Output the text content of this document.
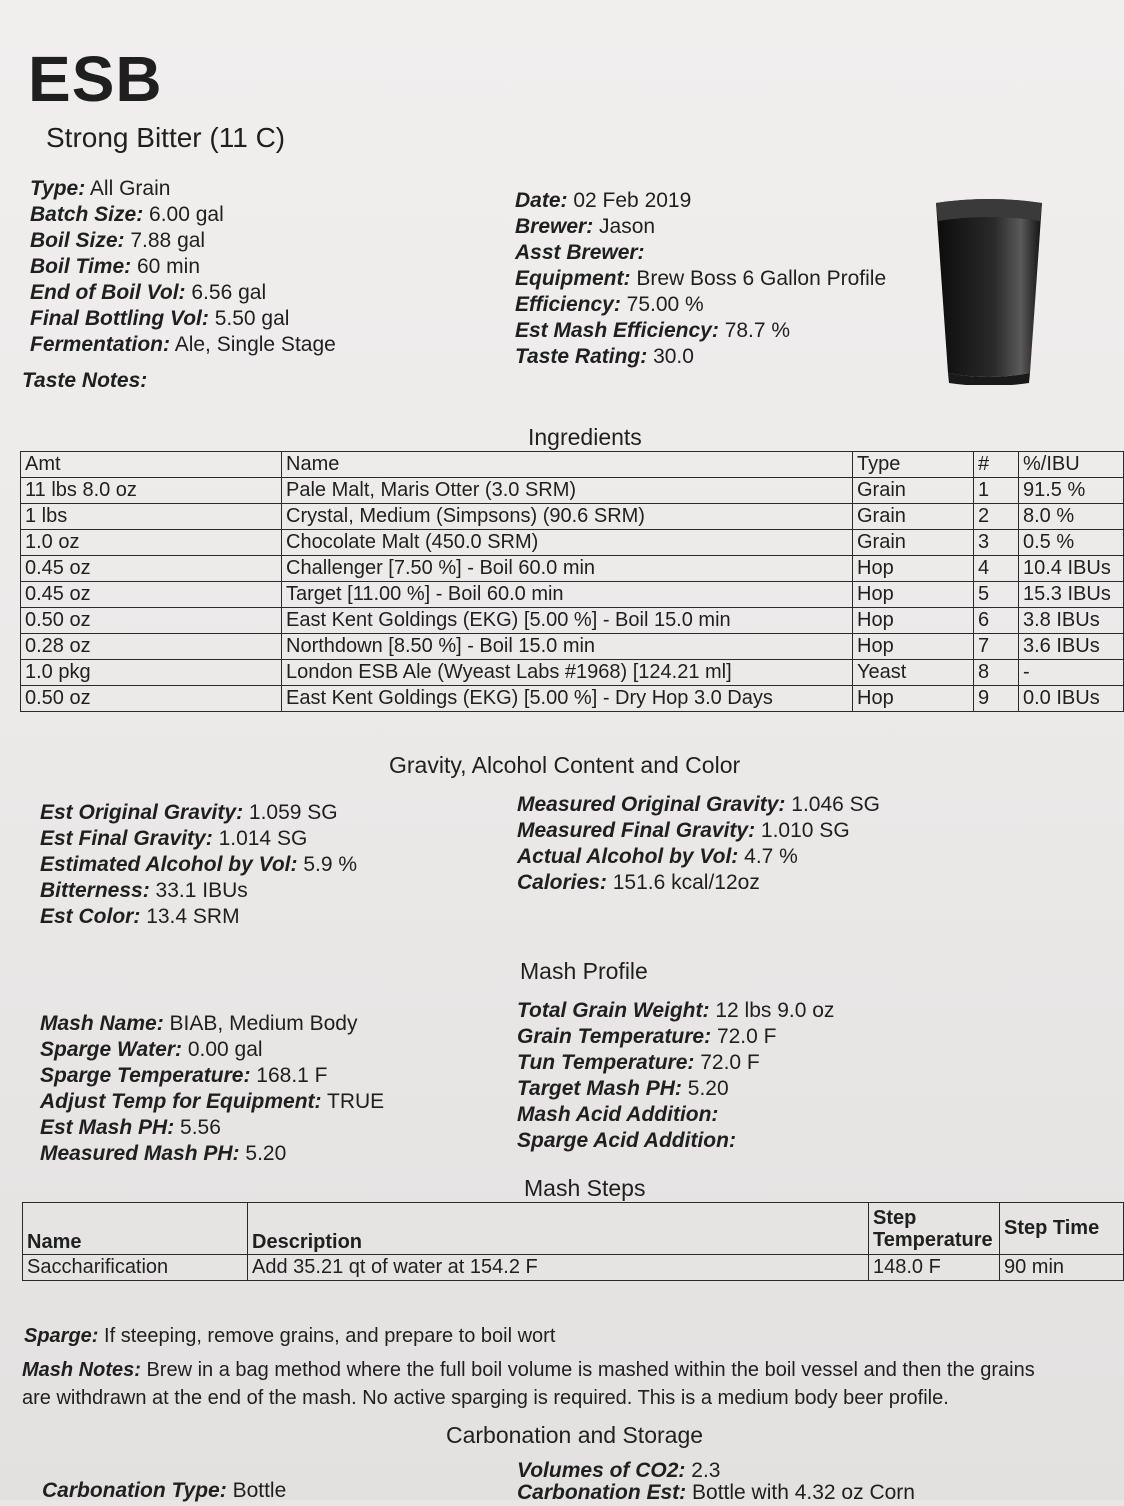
ESB
Strong Bitter (11 C)
Type: All Grain
Batch Size: 6.00 gal
Boil Size: 7.88 gal
Boil Time: 60 min
End of Boil Vol: 6.56 gal
Final Bottling Vol: 5.50 gal
Fermentation: Ale, Single Stage
Taste Notes:
Date: 02 Feb 2019
Brewer: Jason
Asst Brewer:
Equipment: Brew Boss 6 Gallon Profile
Efficiency: 75.00 %
Est Mash Efficiency: 78.7 %
Taste Rating: 30.0
Ingredients
Amt	Name	Type	#	%/IBU
11 lbs 8.0 oz	Pale Malt, Maris Otter (3.0 SRM)	Grain	1	91.5 %
1 lbs	Crystal, Medium (Simpsons) (90.6 SRM)	Grain	2	8.0 %
1.0 oz	Chocolate Malt (450.0 SRM)	Grain	3	0.5 %
0.45 oz	Challenger [7.50 %] - Boil 60.0 min	Hop	4	10.4 IBUs
0.45 oz	Target [11.00 %] - Boil 60.0 min	Hop	5	15.3 IBUs
0.50 oz	East Kent Goldings (EKG) [5.00 %] - Boil 15.0 min	Hop	6	3.8 IBUs
0.28 oz	Northdown [8.50 %] - Boil 15.0 min	Hop	7	3.6 IBUs
1.0 pkg	London ESB Ale (Wyeast Labs #1968) [124.21 ml]	Yeast	8	-
0.50 oz	East Kent Goldings (EKG) [5.00 %] - Dry Hop 3.0 Days	Hop	9	0.0 IBUs
Gravity, Alcohol Content and Color
Est Original Gravity: 1.059 SG
Est Final Gravity: 1.014 SG
Estimated Alcohol by Vol: 5.9 %
Bitterness: 33.1 IBUs
Est Color: 13.4 SRM
Measured Original Gravity: 1.046 SG
Measured Final Gravity: 1.010 SG
Actual Alcohol by Vol: 4.7 %
Calories: 151.6 kcal/12oz
Mash Profile
Mash Name: BIAB, Medium Body
Sparge Water: 0.00 gal
Sparge Temperature: 168.1 F
Adjust Temp for Equipment: TRUE
Est Mash PH: 5.56
Measured Mash PH: 5.20
Total Grain Weight: 12 lbs 9.0 oz
Grain Temperature: 72.0 F
Tun Temperature: 72.0 F
Target Mash PH: 5.20
Mash Acid Addition:
Sparge Acid Addition:
Mash Steps
Name	Description	Step Temperature	Step Time
Saccharification	Add 35.21 qt of water at 154.2 F	148.0 F	90 min
Sparge: If steeping, remove grains, and prepare to boil wort
Mash Notes: Brew in a bag method where the full boil volume is mashed within the boil vessel and then the grains
are withdrawn at the end of the mash. No active sparging is required. This is a medium body beer profile.
Carbonation and Storage
Carbonation Type: Bottle
Volumes of CO2: 2.3
Carbonation Est: Bottle with 4.32 oz Corn
